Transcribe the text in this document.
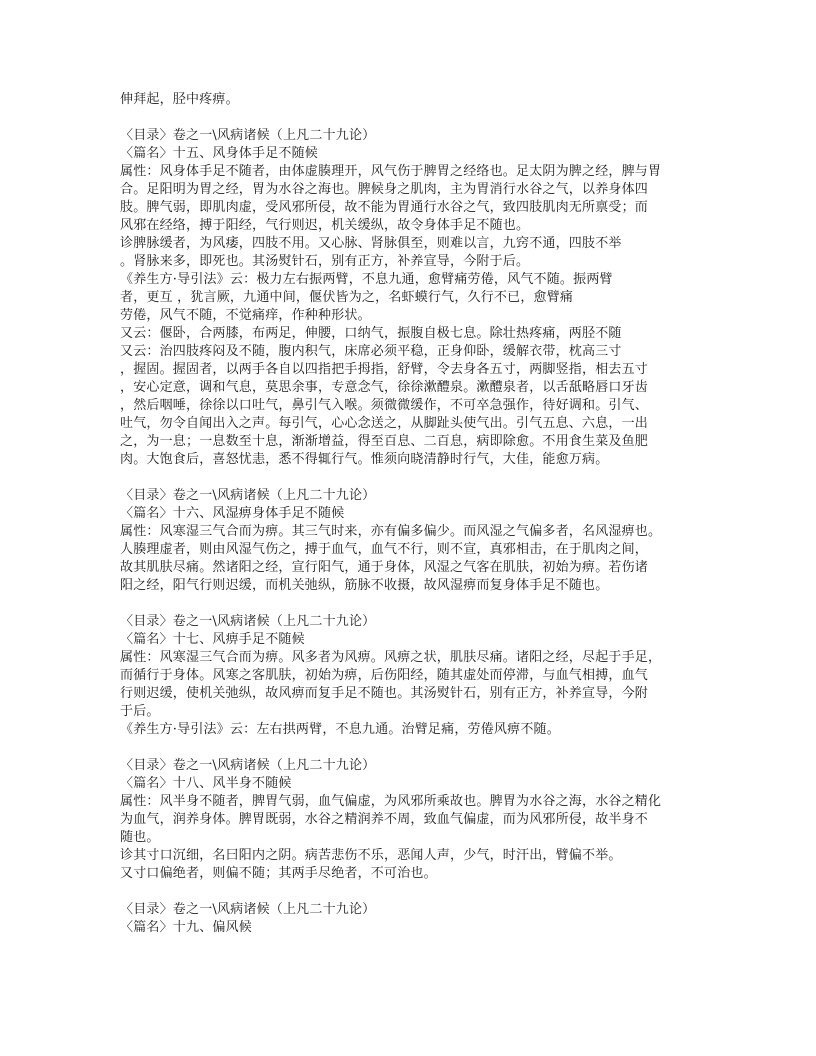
伸拜起，胫中疼痹。
〈目录〉卷之一\风病诸候（上凡二十九论）
〈篇名〉十五、风身体手足不随候
属性：风身体手足不随者，由体虚腠理开，风气伤于脾胃之经络也。足太阴为脾之经，脾与胃
合。足阳明为胃之经，胃为水谷之海也。脾候身之肌肉，主为胃消行水谷之气，以养身体四
肢。脾气弱，即肌肉虚，受风邪所侵，故不能为胃通行水谷之气，致四肢肌肉无所禀受；而
风邪在经络，搏于阳经，气行则迟，机关缓纵，故令身体手足不随也。
诊脾脉缓者，为风痿，四肢不用。又心脉、肾脉俱至，则难以言，九窍不通，四肢不举
。肾脉来多，即死也。其汤熨针石，别有正方，补养宣导，今附于后。
《养生方·导引法》云：极力左右振两臂，不息九通，愈臂痛劳倦，风气不随。振两臂
者，更互 ，犹言厥，九通中间，偃伏皆为之，名虾蟆行气，久行不已，愈臂痛
劳倦，风气不随，不觉痛痒，作种种形状。
又云：偃卧，合两膝，布两足，伸腰，口纳气，振腹自极七息。除壮热疼痛，两胫不随
又云：治四肢疼闷及不随，腹内积气，床席必须平稳，正身仰卧，缓解衣带，枕高三寸
，握固。握固者，以两手各自以四指把手拇指，舒臂，令去身各五寸，两脚竖指，相去五寸
，安心定意，调和气息，莫思余事，专意念气，徐徐漱醴泉。漱醴泉者，以舌舐略唇口牙齿
，然后咽唾，徐徐以口吐气，鼻引气入喉。须微微缓作，不可卒急强作，待好调和。引气、
吐气，勿令自闻出入之声。每引气，心心念送之，从脚趾头使气出。引气五息、六息，一出
之，为一息；一息数至十息，渐渐增益，得至百息、二百息，病即除愈。不用食生菜及鱼肥
肉。大饱食后，喜怒忧恚，悉不得辄行气。惟须向晓清静时行气，大佳，能愈万病。
〈目录〉卷之一\风病诸候（上凡二十九论）
〈篇名〉十六、风湿痹身体手足不随候
属性：风寒湿三气合而为痹。其三气时来，亦有偏多偏少。而风湿之气偏多者，名风湿痹也。
人腠理虚者，则由风湿气伤之，搏于血气，血气不行，则不宣，真邪相击，在于肌肉之间，
故其肌肤尽痛。然诸阳之经，宣行阳气，通于身体，风湿之气客在肌肤，初始为痹。若伤诸
阳之经，阳气行则迟缓，而机关弛纵，筋脉不收摄，故风湿痹而复身体手足不随也。
〈目录〉卷之一\风病诸候（上凡二十九论）
〈篇名〉十七、风痹手足不随候
属性：风寒湿三气合而为痹。风多者为风痹。风痹之状，肌肤尽痛。诸阳之经，尽起于手足，
而循行于身体。风寒之客肌肤，初始为痹，后伤阳经，随其虚处而停滞，与血气相搏，血气
行则迟缓，使机关弛纵，故风痹而复手足不随也。其汤熨针石，别有正方，补养宣导，今附
于后。
《养生方·导引法》云：左右拱两臂，不息九通。治臂足痛，劳倦风痹不随。
〈目录〉卷之一\风病诸候（上凡二十九论）
〈篇名〉十八、风半身不随候
属性：风半身不随者，脾胃气弱，血气偏虚，为风邪所乘故也。脾胃为水谷之海，水谷之精化
为血气，润养身体。脾胃既弱，水谷之精润养不周，致血气偏虚，而为风邪所侵，故半身不
随也。
诊其寸口沉细，名曰阳内之阴。病苦悲伤不乐，恶闻人声，少气，时汗出，臂偏不举。
又寸口偏绝者，则偏不随；其两手尽绝者，不可治也。
〈目录〉卷之一\风病诸候（上凡二十九论）
〈篇名〉十九、偏风候
